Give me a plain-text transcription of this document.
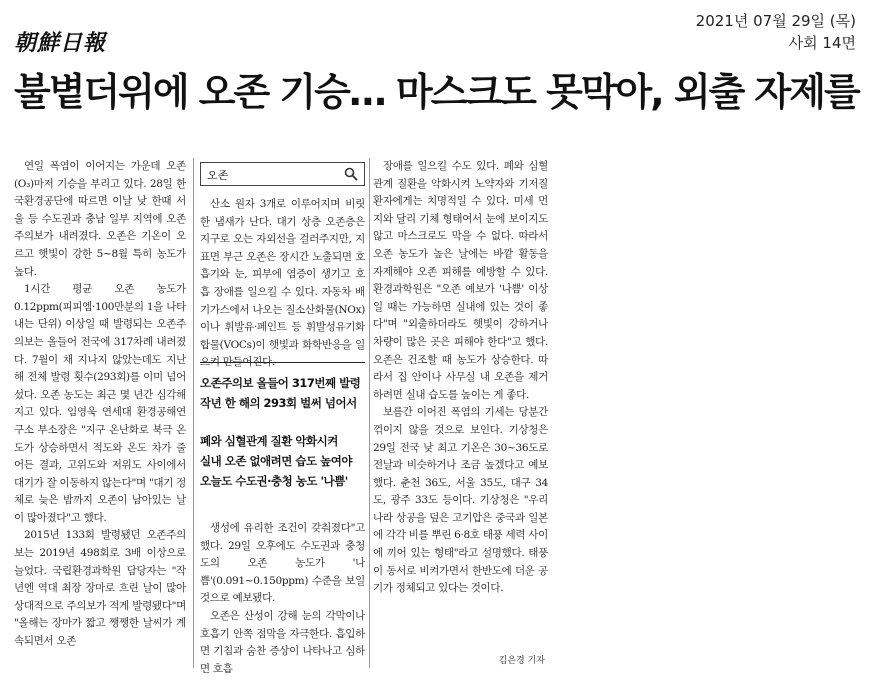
朝鮮日報
2021년 07월 29일 (목)
사회 14면
불볕더위에 오존 기승… 마스크도 못막아, 외출 자제를

연일 폭염이 이어지는 가운데 오존(O₃)마저 기승을 부리고 있다. 28일 한국환경공단에 따르면 이날 낮 한때 서울 등 수도권과 충남 일부 지역에 오존주의보가 내려졌다. 오존은 기온이 오르고 햇빛이 강한 5~8월 특히 농도가 높다.

1시간 평균 오존 농도가 0.12ppm(피피엠·100만분의 1을 나타내는 단위) 이상일 때 발령되는 오존주의보는 올들어 전국에 317차례 내려졌다. 7월이 채 지나지 않았는데도 지난해 전체 발령 횟수(293회)를 이미 넘어섰다. 오존 농도는 최근 몇 년간 심각해지고 있다. 임영욱 연세대 환경공해연구소 부소장은 "지구 온난화로 북극 온도가 상승하면서 적도와 온도 차가 줄어든 결과, 고위도와 저위도 사이에서 대기가 잘 이동하지 않는다"며 "대기 정체로 늦은 밤까지 오존이 남아있는 날이 많아졌다"고 했다.

2015년 133회 발령됐던 오존주의보는 2019년 498회로 3배 이상으로 늘었다. 국립환경과학원 담당자는 "작년엔 역대 최장 장마로 흐린 날이 많아 상대적으로 주의보가 적게 발령됐다"며 "올해는 장마가 짧고 쨍쨍한 날씨가 계속되면서 오존

오존

산소 원자 3개로 이루어지며 비릿한 냄새가 난다. 대기 상층 오존층은 지구로 오는 자외선을 걸러주지만, 지표면 부근 오존은 장시간 노출되면 호흡기와 눈, 피부에 염증이 생기고 호흡 장애를 일으킬 수 있다. 자동차 배기가스에서 나오는 질소산화물(NOx)이나 휘발유·페인트 등 휘발성유기화합물(VOCs)이 햇빛과 화학반응을 일으켜 만들어진다.

오존주의보 올들어 317번째 발령
작년 한 해의 293회 벌써 넘어서
폐와 심혈관계 질환 악화시켜
실내 오존 없애려면 습도 높여야
오늘도 수도권·충청 농도 '나쁨'

생성에 유리한 조건이 갖춰졌다"고 했다. 29일 오후에도 수도권과 충청도의 오존 농도가 '나쁨'(0.091~0.150ppm) 수준을 보일 것으로 예보됐다.

오존은 산성이 강해 눈의 각막이나 호흡기 안쪽 점막을 자극한다. 흡입하면 기침과 숨찬 증상이 나타나고 심하면 호흡

장애를 일으킬 수도 있다. 폐와 심혈관계 질환을 악화시켜 노약자와 기저질환자에게는 치명적일 수 있다. 미세 먼지와 달리 기체 형태여서 눈에 보이지도 않고 마스크로도 막을 수 없다. 따라서 오존 농도가 높은 날에는 바깥 활동을 자제해야 오존 피해를 예방할 수 있다. 환경과학원은 "오존 예보가 '나쁨' 이상일 때는 가능하면 실내에 있는 것이 좋다"며 "외출하더라도 햇빛이 강하거나 차량이 많은 곳은 피해야 한다"고 했다. 오존은 건조할 때 농도가 상승한다. 따라서 집 안이나 사무실 내 오존을 제거하려면 실내 습도를 높이는 게 좋다.

보름간 이어진 폭염의 기세는 당분간 꺾이지 않을 것으로 보인다. 기상청은 29일 전국 낮 최고 기온은 30~36도로 전날과 비슷하거나 조금 높겠다고 예보했다. 춘천 36도, 서울 35도, 대구 34도, 광주 33도 등이다. 기상청은 "우리나라 상공을 덮은 고기압은 중국과 일본에 각각 비를 뿌린 6·8호 태풍 세력 사이에 끼어 있는 형태"라고 설명했다. 태풍이 동서로 비켜가면서 한반도에 더운 공기가 정체되고 있다는 것이다.

김은경 기자
